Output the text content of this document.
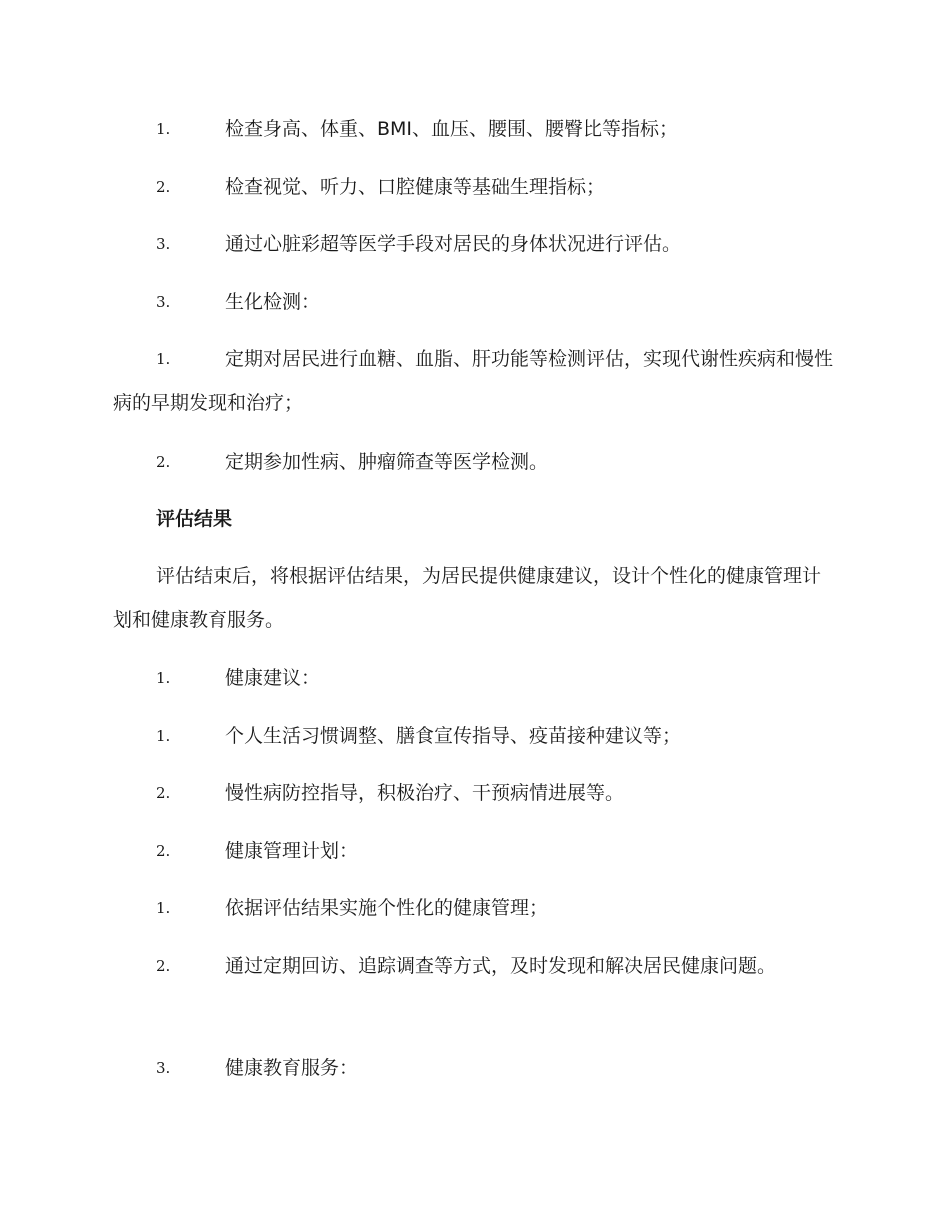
1.	检查身高、体重、BMI、血压、腰围、腰臀比等指标；
2.	检查视觉、听力、口腔健康等基础生理指标；
3.	通过心脏彩超等医学手段对居民的身体状况进行评估。
3.	生化检测：
1.	定期对居民进行血糖、血脂、肝功能等检测评估，实现代谢性疾病和慢性病的早期发现和治疗；
2.	定期参加性病、肿瘤筛查等医学检测。
评估结果
评估结束后，将根据评估结果，为居民提供健康建议，设计个性化的健康管理计划和健康教育服务。
1.	健康建议：
1.	个人生活习惯调整、膳食宣传指导、疫苗接种建议等；
2.	慢性病防控指导，积极治疗、干预病情进展等。
2.	健康管理计划：
1.	依据评估结果实施个性化的健康管理；
2.	通过定期回访、追踪调查等方式，及时发现和解决居民健康问题。
3.	健康教育服务：
